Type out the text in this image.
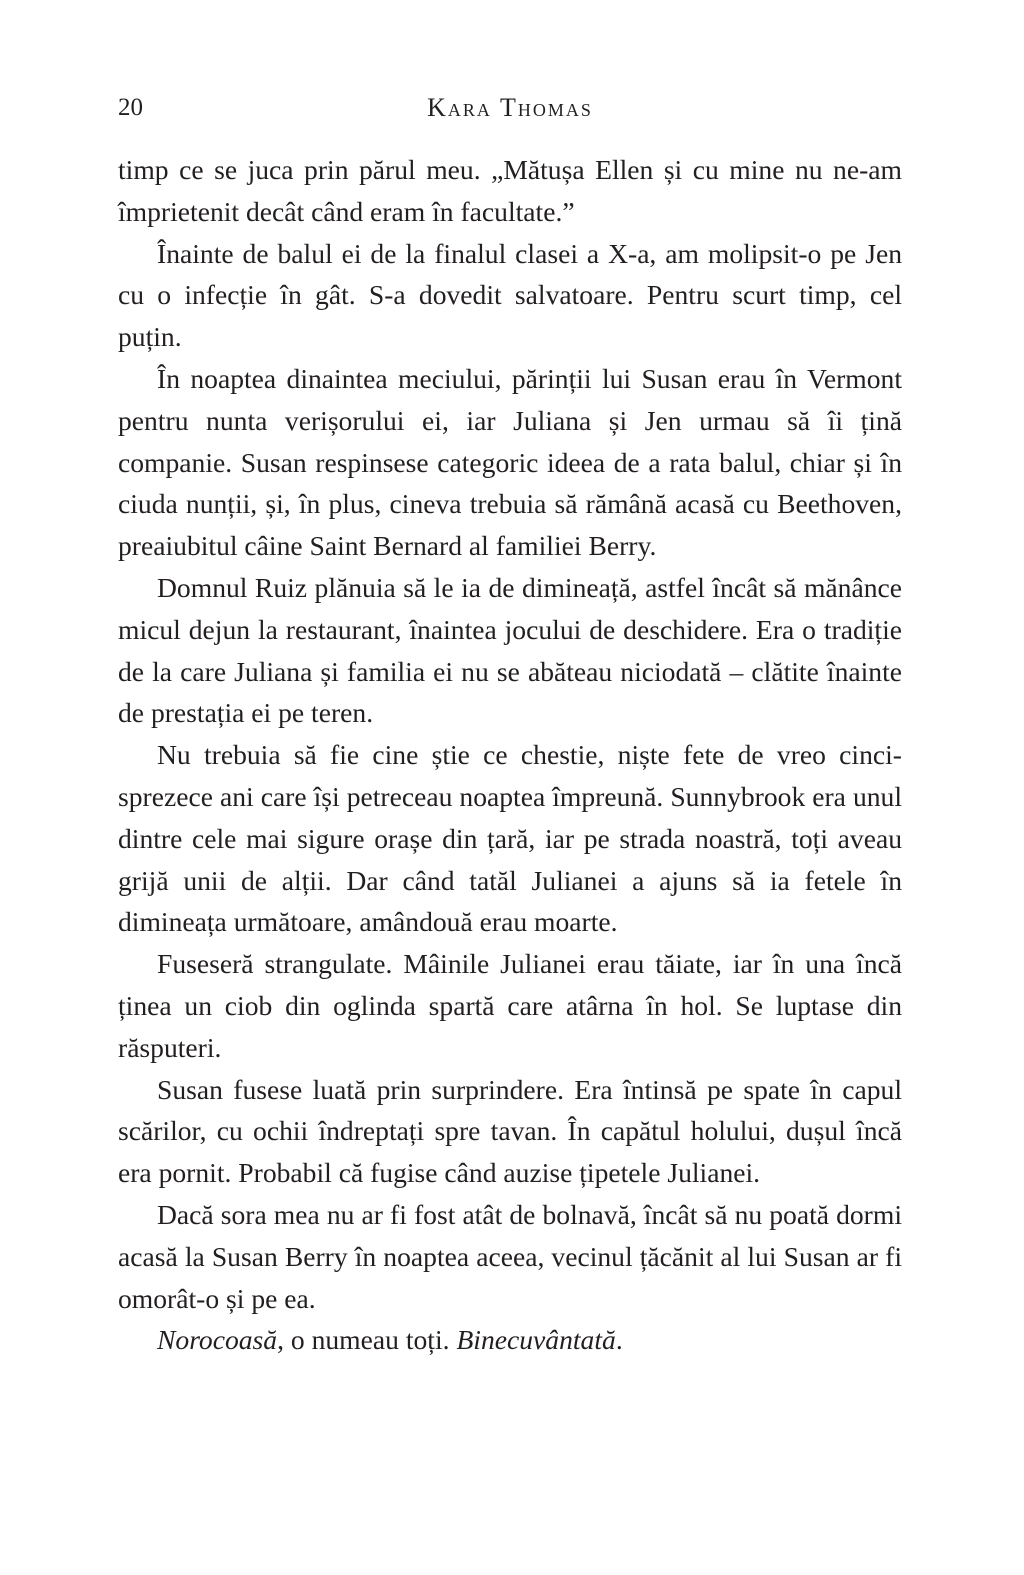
20	Kara Thomas

timp ce se juca prin părul meu. „Mătușa Ellen și cu mine nu ne-am împrietenit decât când eram în facultate.”

Înainte de balul ei de la finalul clasei a X-a, am molipsit-o pe Jen cu o infecție în gât. S-a dovedit salvatoare. Pentru scurt timp, cel puțin.

În noaptea dinaintea meciului, părinții lui Susan erau în Vermont pentru nunta verișorului ei, iar Juliana și Jen urmau să îi țină companie. Susan respinsese categoric ideea de a rata balul, chiar și în ciuda nunții, și, în plus, cineva trebuia să rămână acasă cu Beethoven, preaiubitul câine Saint Bernard al familiei Berry.

Domnul Ruiz plănuia să le ia de dimineață, astfel încât să mănânce micul dejun la restaurant, înaintea jocului de deschidere. Era o tradiție de la care Juliana și familia ei nu se abăteau niciodată – clătite înainte de prestația ei pe teren.

Nu trebuia să fie cine știe ce chestie, niște fete de vreo cincisprezece ani care își petreceau noaptea împreună. Sunnybrook era unul dintre cele mai sigure orașe din țară, iar pe strada noastră, toți aveau grijă unii de alții. Dar când tatăl Julianei a ajuns să ia fetele în dimineața următoare, amândouă erau moarte.

Fuseseră strangulate. Mâinile Julianei erau tăiate, iar în una încă ținea un ciob din oglinda spartă care atârna în hol. Se luptase din răsputeri.

Susan fusese luată prin surprindere. Era întinsă pe spate în capul scărilor, cu ochii îndreptați spre tavan. În capătul holului, dușul încă era pornit. Probabil că fugise când auzise țipetele Julianei.

Dacă sora mea nu ar fi fost atât de bolnavă, încât să nu poată dormi acasă la Susan Berry în noaptea aceea, vecinul țăcănit al lui Susan ar fi omorât-o și pe ea.

Norocoasă, o numeau toți. Binecuvântată.
